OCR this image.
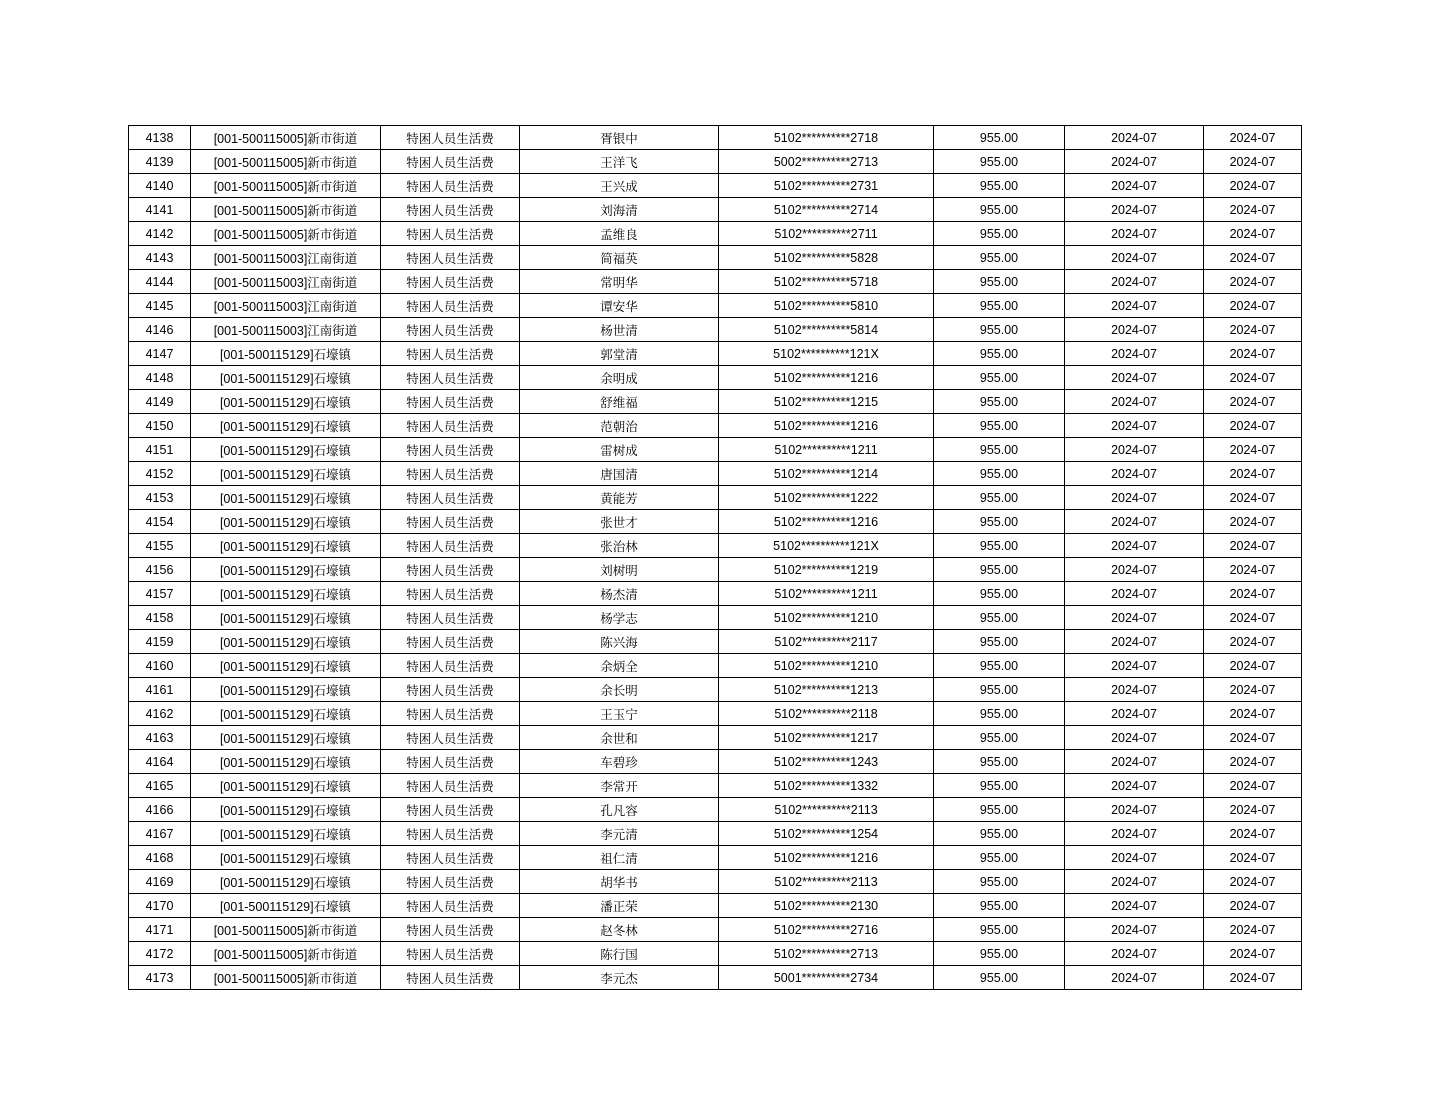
4138	[001-500115005]新市街道	特困人员生活费	胥银中	5102**********2718	955.00	2024-07	2024-07
4139	[001-500115005]新市街道	特困人员生活费	王洋飞	5002**********2713	955.00	2024-07	2024-07
4140	[001-500115005]新市街道	特困人员生活费	王兴成	5102**********2731	955.00	2024-07	2024-07
4141	[001-500115005]新市街道	特困人员生活费	刘海清	5102**********2714	955.00	2024-07	2024-07
4142	[001-500115005]新市街道	特困人员生活费	孟维良	5102**********2711	955.00	2024-07	2024-07
4143	[001-500115003]江南街道	特困人员生活费	简福英	5102**********5828	955.00	2024-07	2024-07
4144	[001-500115003]江南街道	特困人员生活费	常明华	5102**********5718	955.00	2024-07	2024-07
4145	[001-500115003]江南街道	特困人员生活费	谭安华	5102**********5810	955.00	2024-07	2024-07
4146	[001-500115003]江南街道	特困人员生活费	杨世清	5102**********5814	955.00	2024-07	2024-07
4147	[001-500115129]石壕镇	特困人员生活费	郭堂清	5102**********121X	955.00	2024-07	2024-07
4148	[001-500115129]石壕镇	特困人员生活费	余明成	5102**********1216	955.00	2024-07	2024-07
4149	[001-500115129]石壕镇	特困人员生活费	舒维福	5102**********1215	955.00	2024-07	2024-07
4150	[001-500115129]石壕镇	特困人员生活费	范朝治	5102**********1216	955.00	2024-07	2024-07
4151	[001-500115129]石壕镇	特困人员生活费	雷树成	5102**********1211	955.00	2024-07	2024-07
4152	[001-500115129]石壕镇	特困人员生活费	唐国清	5102**********1214	955.00	2024-07	2024-07
4153	[001-500115129]石壕镇	特困人员生活费	黄能芳	5102**********1222	955.00	2024-07	2024-07
4154	[001-500115129]石壕镇	特困人员生活费	张世才	5102**********1216	955.00	2024-07	2024-07
4155	[001-500115129]石壕镇	特困人员生活费	张治林	5102**********121X	955.00	2024-07	2024-07
4156	[001-500115129]石壕镇	特困人员生活费	刘树明	5102**********1219	955.00	2024-07	2024-07
4157	[001-500115129]石壕镇	特困人员生活费	杨杰清	5102**********1211	955.00	2024-07	2024-07
4158	[001-500115129]石壕镇	特困人员生活费	杨学志	5102**********1210	955.00	2024-07	2024-07
4159	[001-500115129]石壕镇	特困人员生活费	陈兴海	5102**********2117	955.00	2024-07	2024-07
4160	[001-500115129]石壕镇	特困人员生活费	余炳全	5102**********1210	955.00	2024-07	2024-07
4161	[001-500115129]石壕镇	特困人员生活费	余长明	5102**********1213	955.00	2024-07	2024-07
4162	[001-500115129]石壕镇	特困人员生活费	王玉宁	5102**********2118	955.00	2024-07	2024-07
4163	[001-500115129]石壕镇	特困人员生活费	余世和	5102**********1217	955.00	2024-07	2024-07
4164	[001-500115129]石壕镇	特困人员生活费	车碧珍	5102**********1243	955.00	2024-07	2024-07
4165	[001-500115129]石壕镇	特困人员生活费	李常开	5102**********1332	955.00	2024-07	2024-07
4166	[001-500115129]石壕镇	特困人员生活费	孔凡容	5102**********2113	955.00	2024-07	2024-07
4167	[001-500115129]石壕镇	特困人员生活费	李元清	5102**********1254	955.00	2024-07	2024-07
4168	[001-500115129]石壕镇	特困人员生活费	祖仁清	5102**********1216	955.00	2024-07	2024-07
4169	[001-500115129]石壕镇	特困人员生活费	胡华书	5102**********2113	955.00	2024-07	2024-07
4170	[001-500115129]石壕镇	特困人员生活费	潘正荣	5102**********2130	955.00	2024-07	2024-07
4171	[001-500115005]新市街道	特困人员生活费	赵冬林	5102**********2716	955.00	2024-07	2024-07
4172	[001-500115005]新市街道	特困人员生活费	陈行国	5102**********2713	955.00	2024-07	2024-07
4173	[001-500115005]新市街道	特困人员生活费	李元杰	5001**********2734	955.00	2024-07	2024-07
